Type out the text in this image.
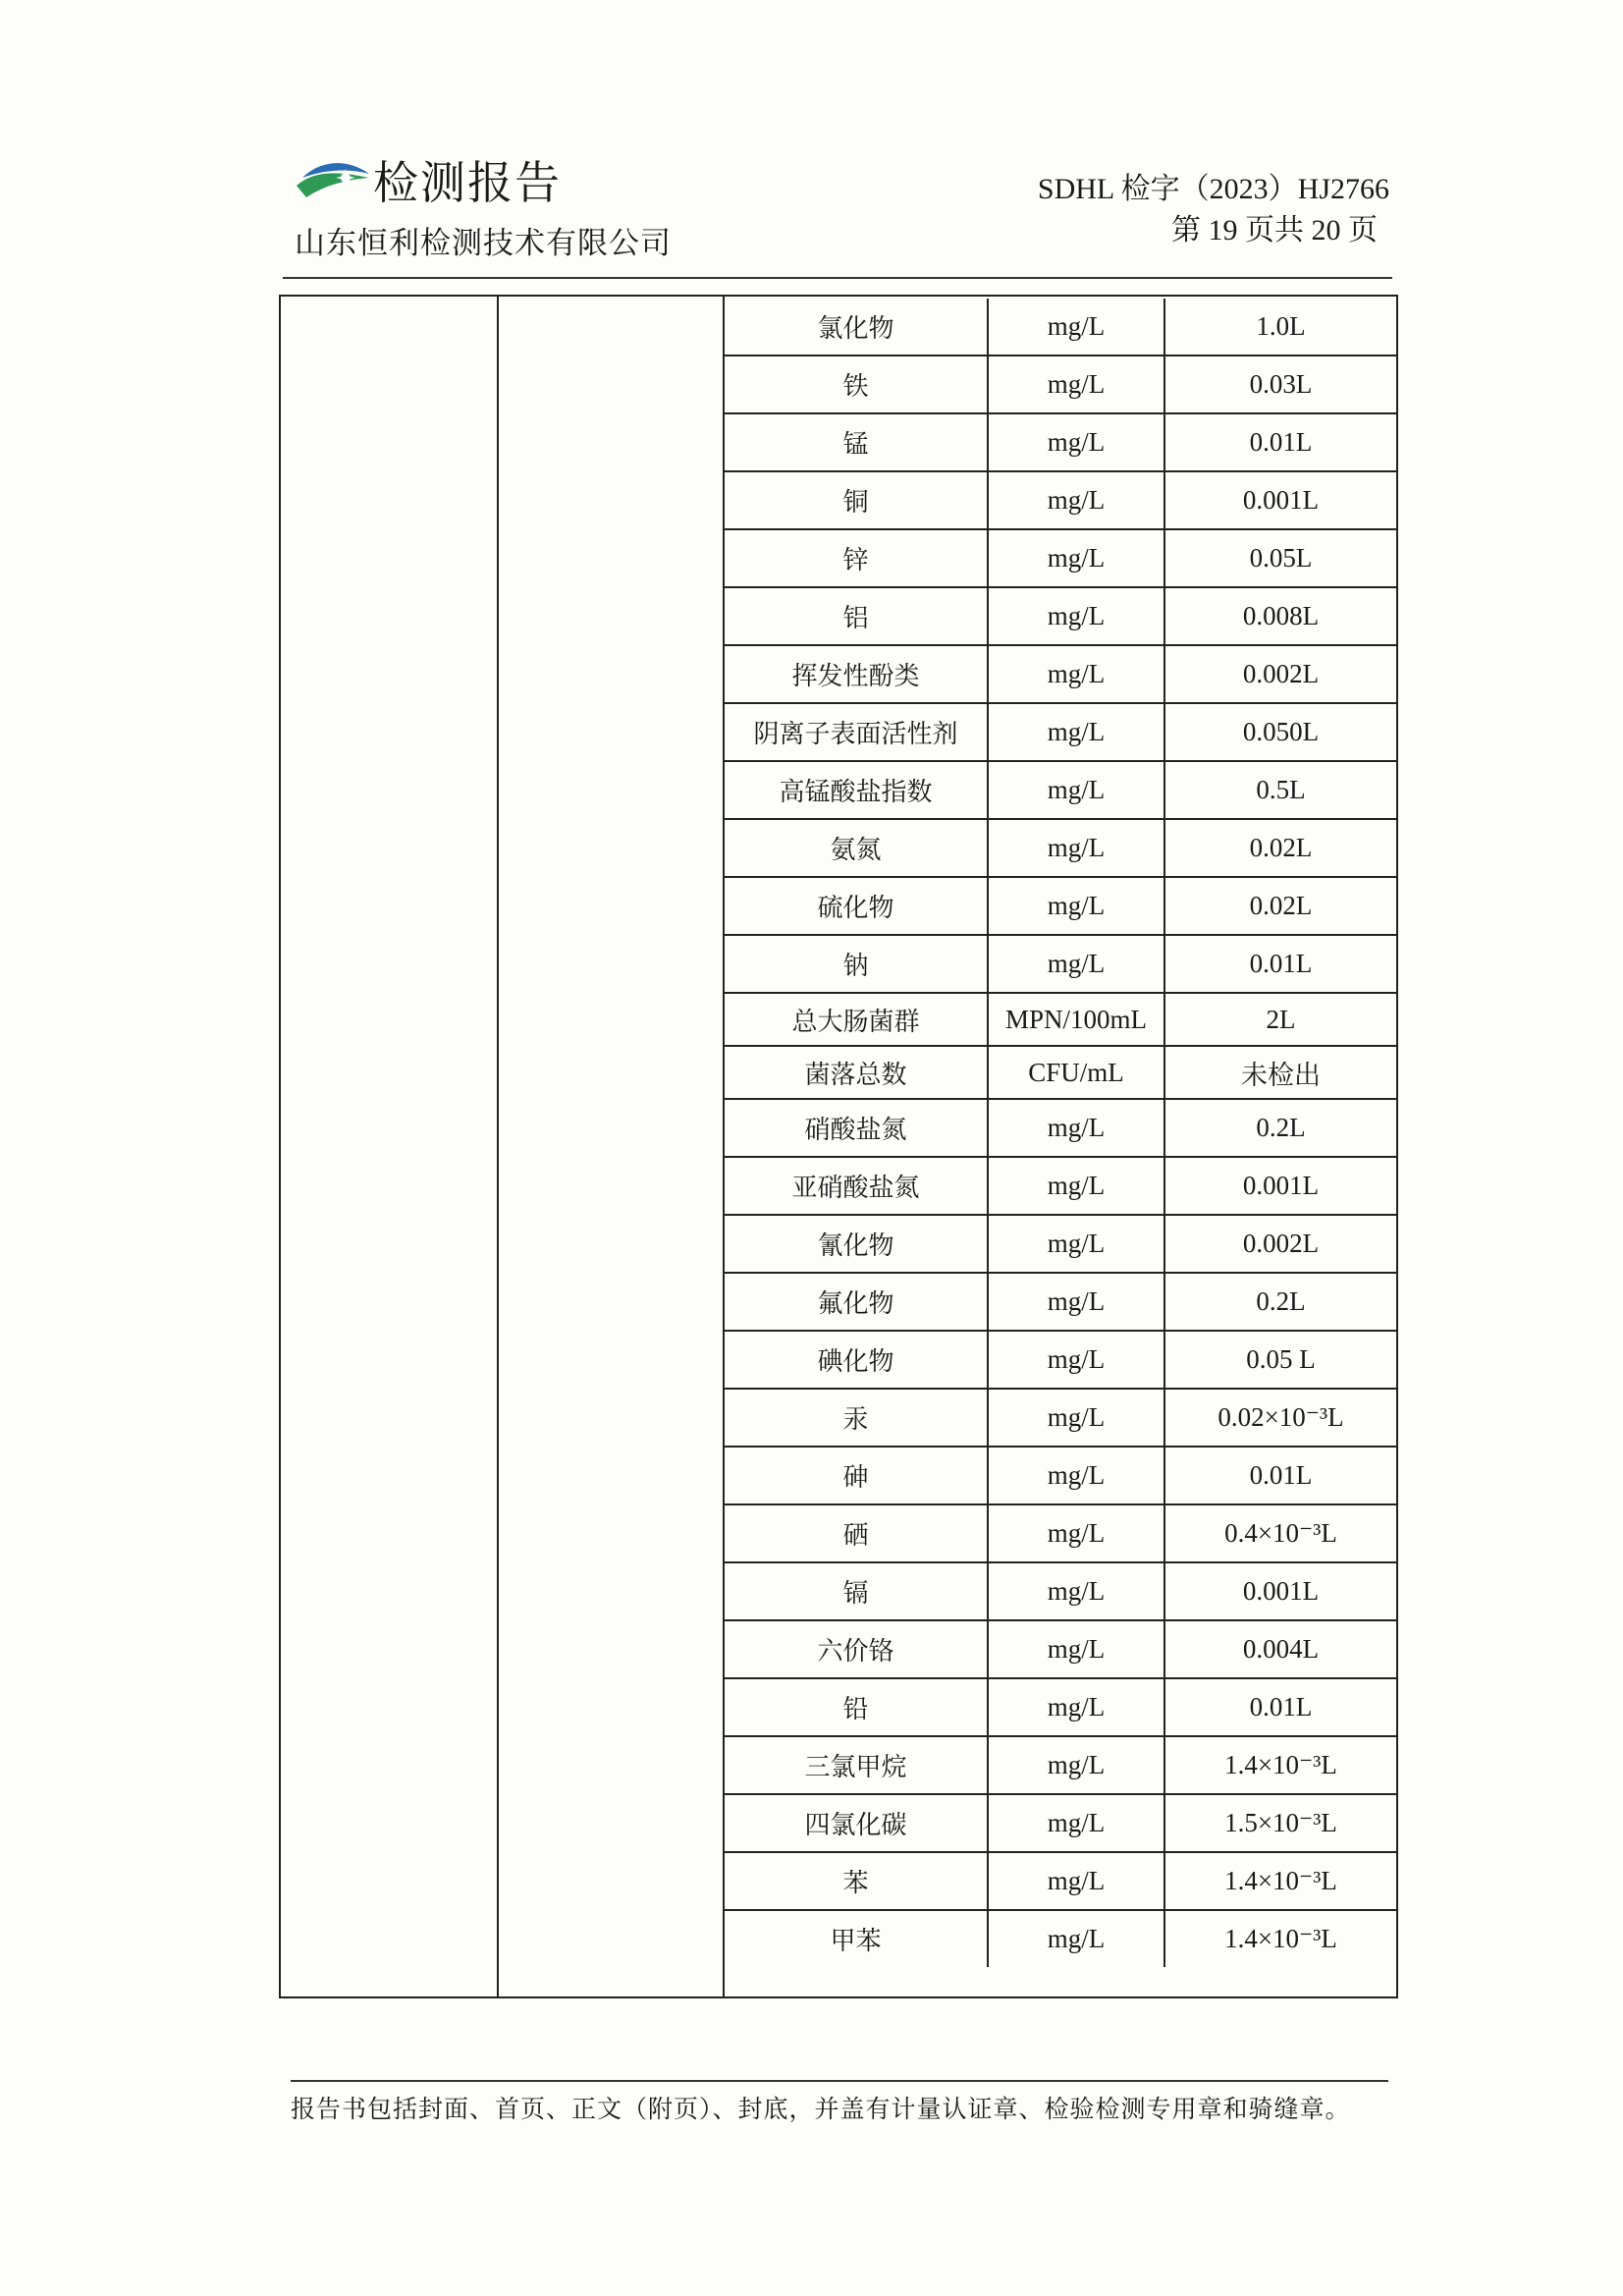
检测报告
山东恒利检测技术有限公司
SDHL 检字（2023）HJ2766
第 19 页共 20 页
氯化物	mg/L	1.0L
铁	mg/L	0.03L
锰	mg/L	0.01L
铜	mg/L	0.001L
锌	mg/L	0.05L
铝	mg/L	0.008L
挥发性酚类	mg/L	0.002L
阴离子表面活性剂	mg/L	0.050L
高锰酸盐指数	mg/L	0.5L
氨氮	mg/L	0.02L
硫化物	mg/L	0.02L
钠	mg/L	0.01L
总大肠菌群	MPN/100mL	2L
菌落总数	CFU/mL	未检出
硝酸盐氮	mg/L	0.2L
亚硝酸盐氮	mg/L	0.001L
氰化物	mg/L	0.002L
氟化物	mg/L	0.2L
碘化物	mg/L	0.05 L
汞	mg/L	0.02×10⁻³L
砷	mg/L	0.01L
硒	mg/L	0.4×10⁻³L
镉	mg/L	0.001L
六价铬	mg/L	0.004L
铅	mg/L	0.01L
三氯甲烷	mg/L	1.4×10⁻³L
四氯化碳	mg/L	1.5×10⁻³L
苯	mg/L	1.4×10⁻³L
甲苯	mg/L	1.4×10⁻³L
报告书包括封面、首页、正文（附页）、封底，并盖有计量认证章、检验检测专用章和骑缝章。
